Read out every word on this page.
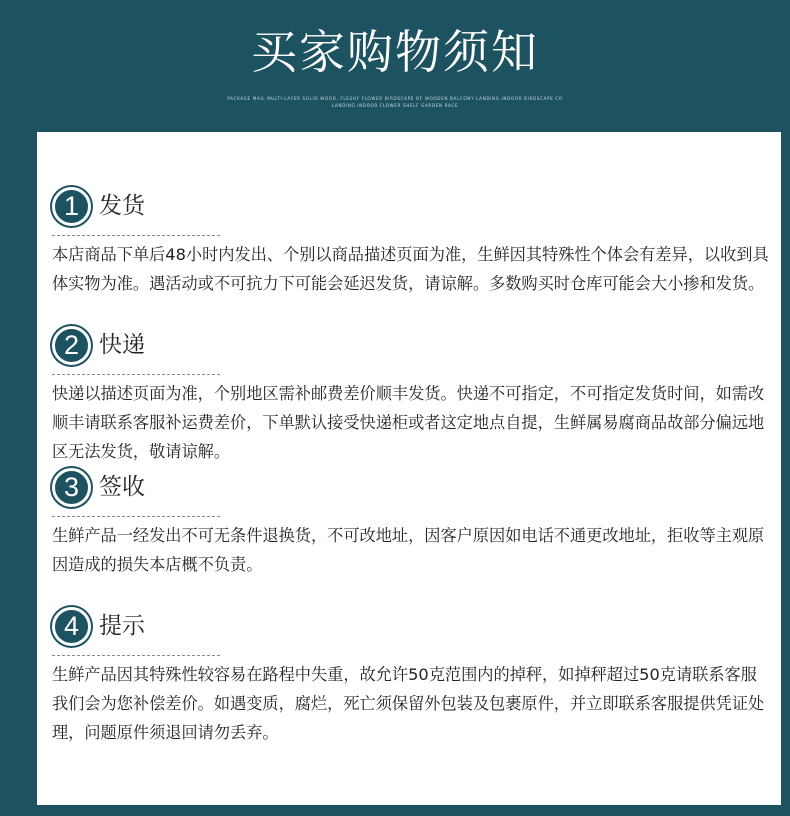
买家购物须知
PACKAGE MAIL MULTI-LAYER SOLID WOOD, FLESHY FLOWER BIRDSCAPE OF WOODEN BALCONY LANDING INDOOR BIRDSCAPE CO
LANDING INDOOR FLOWER SHELF GARDEN RACE
1 发货

本店商品下单后48小时内发出、个别以商品描述页面为准，生鲜因其特殊性个体会有差异，以收到具体实物为准。遇活动或不可抗力下可能会延迟发货，请谅解。多数购买时仓库可能会大小掺和发货。

2 快递

快递以描述页面为准，个别地区需补邮费差价顺丰发货。快递不可指定，不可指定发货时间，如需改顺丰请联系客服补运费差价，下单默认接受快递柜或者这定地点自提，生鲜属易腐商品故部分偏远地区无法发货，敬请谅解。

3 签收

生鲜产品一经发出不可无条件退换货，不可改地址，因客户原因如电话不通更改地址，拒收等主观原因造成的损失本店概不负责。

4 提示

生鲜产品因其特殊性较容易在路程中失重，故允许50克范围内的掉秤，如掉秤超过50克请联系客服我们会为您补偿差价。如遇变质，腐烂，死亡须保留外包装及包裹原件，并立即联系客服提供凭证处理，问题原件须退回请勿丢弃。
